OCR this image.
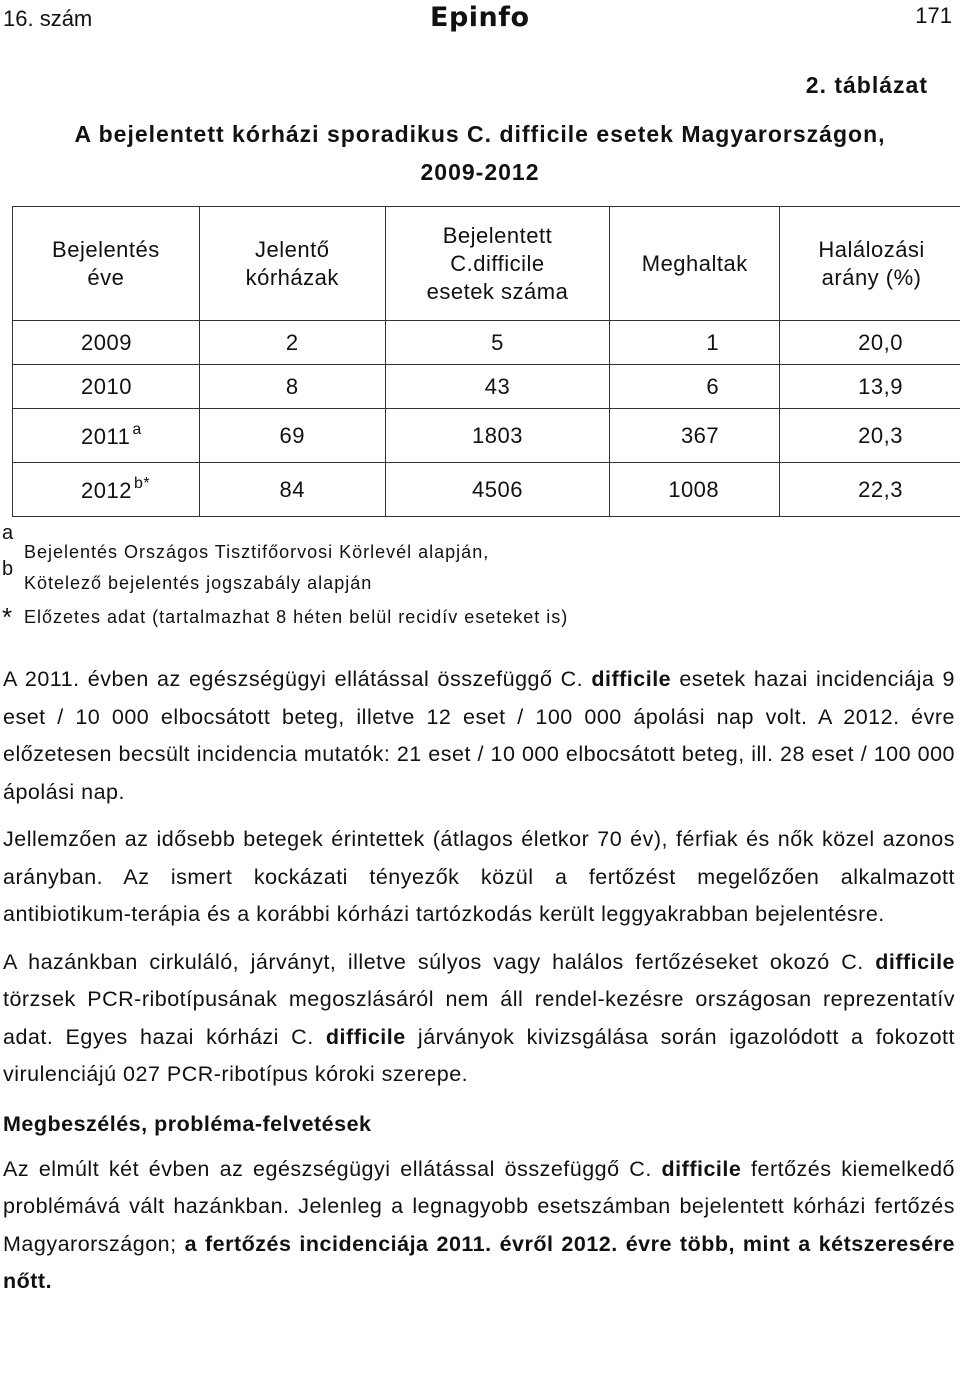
16. szám	Epinfo	171
2. táblázat
A bejelentett kórházi sporadikus C. difficile esetek Magyarországon,
2009-2012
Bejelentés éve	Jelentő kórházak	Bejelentett C.difficile esetek száma	Meghaltak	Halálozási arány (%)

2009	2	5	1	20,0
2010	8	43	6	13,9
2011 $^a$	69	1803	367	20,3
2012 $^{b*}$	84	4506	1008	22,3
a
Bejelentés Országos Tisztifőorvosi Körlevél alapján,
b
Kötelező bejelentés jogszabály alapján
* Előzetes adat (tartalmazhat 8 héten belül recidív eseteket is)

A 2011. évben az egészségügyi ellátással összefüggő C. difficile esetek hazai incidenciája 9 eset / 10 000 elbocsátott beteg, illetve 12 eset / 100 000 ápolási nap volt. A 2012. évre előzetesen becsült incidencia mutatók: 21 eset / 10 000 elbocsátott beteg, ill. 28 eset / 100 000 ápolási nap.

Jellemzően az idősebb betegek érintettek (átlagos életkor 70 év), férfiak és nők közel azonos arányban. Az ismert kockázati tényezők közül a fertőzést megelőzően alkalmazott antibiotikum-terápia és a korábbi kórházi tartózkodás került leggyakrabban bejelentésre.

A hazánkban cirkuláló, járványt, illetve súlyos vagy halálos fertőzéseket okozó C. difficile törzsek PCR-ribotípusának megoszlásáról nem áll rendel-kezésre országosan reprezentatív adat. Egyes hazai kórházi C. difficile járványok kivizsgálása során igazolódott a fokozott virulenciájú 027 PCR-ribotípus kóroki szerepe.

Megbeszélés, probléma-felvetések

Az elmúlt két évben az egészségügyi ellátással összefüggő C. difficile fertőzés kiemelkedő problémává vált hazánkban. Jelenleg a legnagyobb esetszámban bejelentett kórházi fertőzés Magyarországon; a fertőzés incidenciája 2011. évről 2012. évre több, mint a kétszeresére nőtt.
